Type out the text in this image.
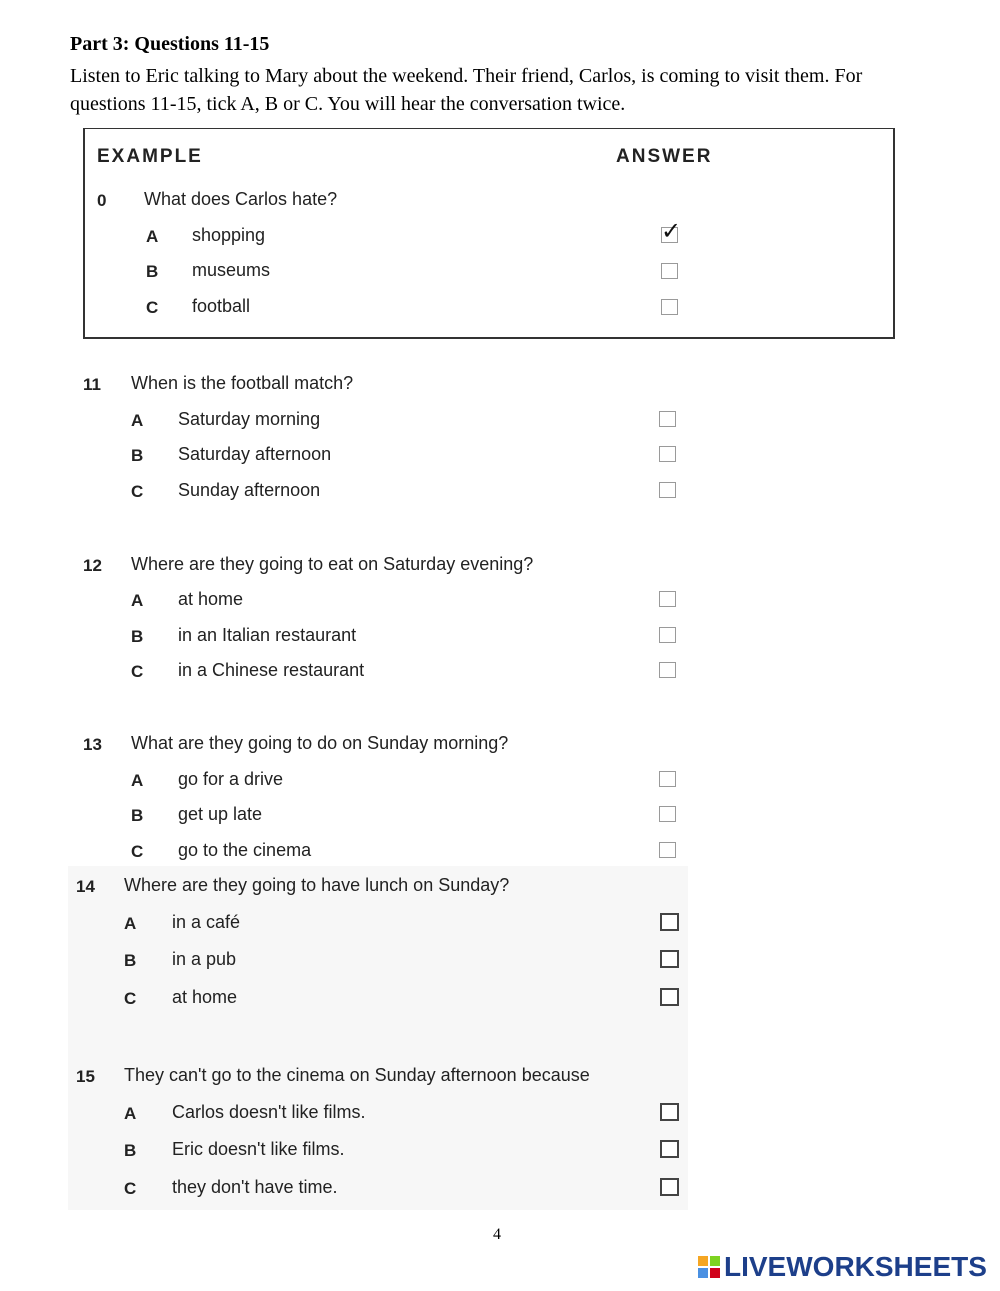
Part 3: Questions 11-15
Listen to Eric talking to Mary about the weekend. Their friend, Carlos, is coming to visit them. For questions 11-15, tick A, B or C. You will hear the conversation twice.
EXAMPLE	ANSWER
0 What does Carlos hate?
A shopping	✓
B museums
C football
11 When is the football match?
A Saturday morning
B Saturday afternoon
C Sunday afternoon
12 Where are they going to eat on Saturday evening?
A at home
B in an Italian restaurant
C in a Chinese restaurant
13 What are they going to do on Sunday morning?
A go for a drive
B get up late
C go to the cinema
14 Where are they going to have lunch on Sunday?
A in a café
B in a pub
C at home
15 They can't go to the cinema on Sunday afternoon because
A Carlos doesn't like films.
B Eric doesn't like films.
C they don't have time.
4
LIVEWORKSHEETS
